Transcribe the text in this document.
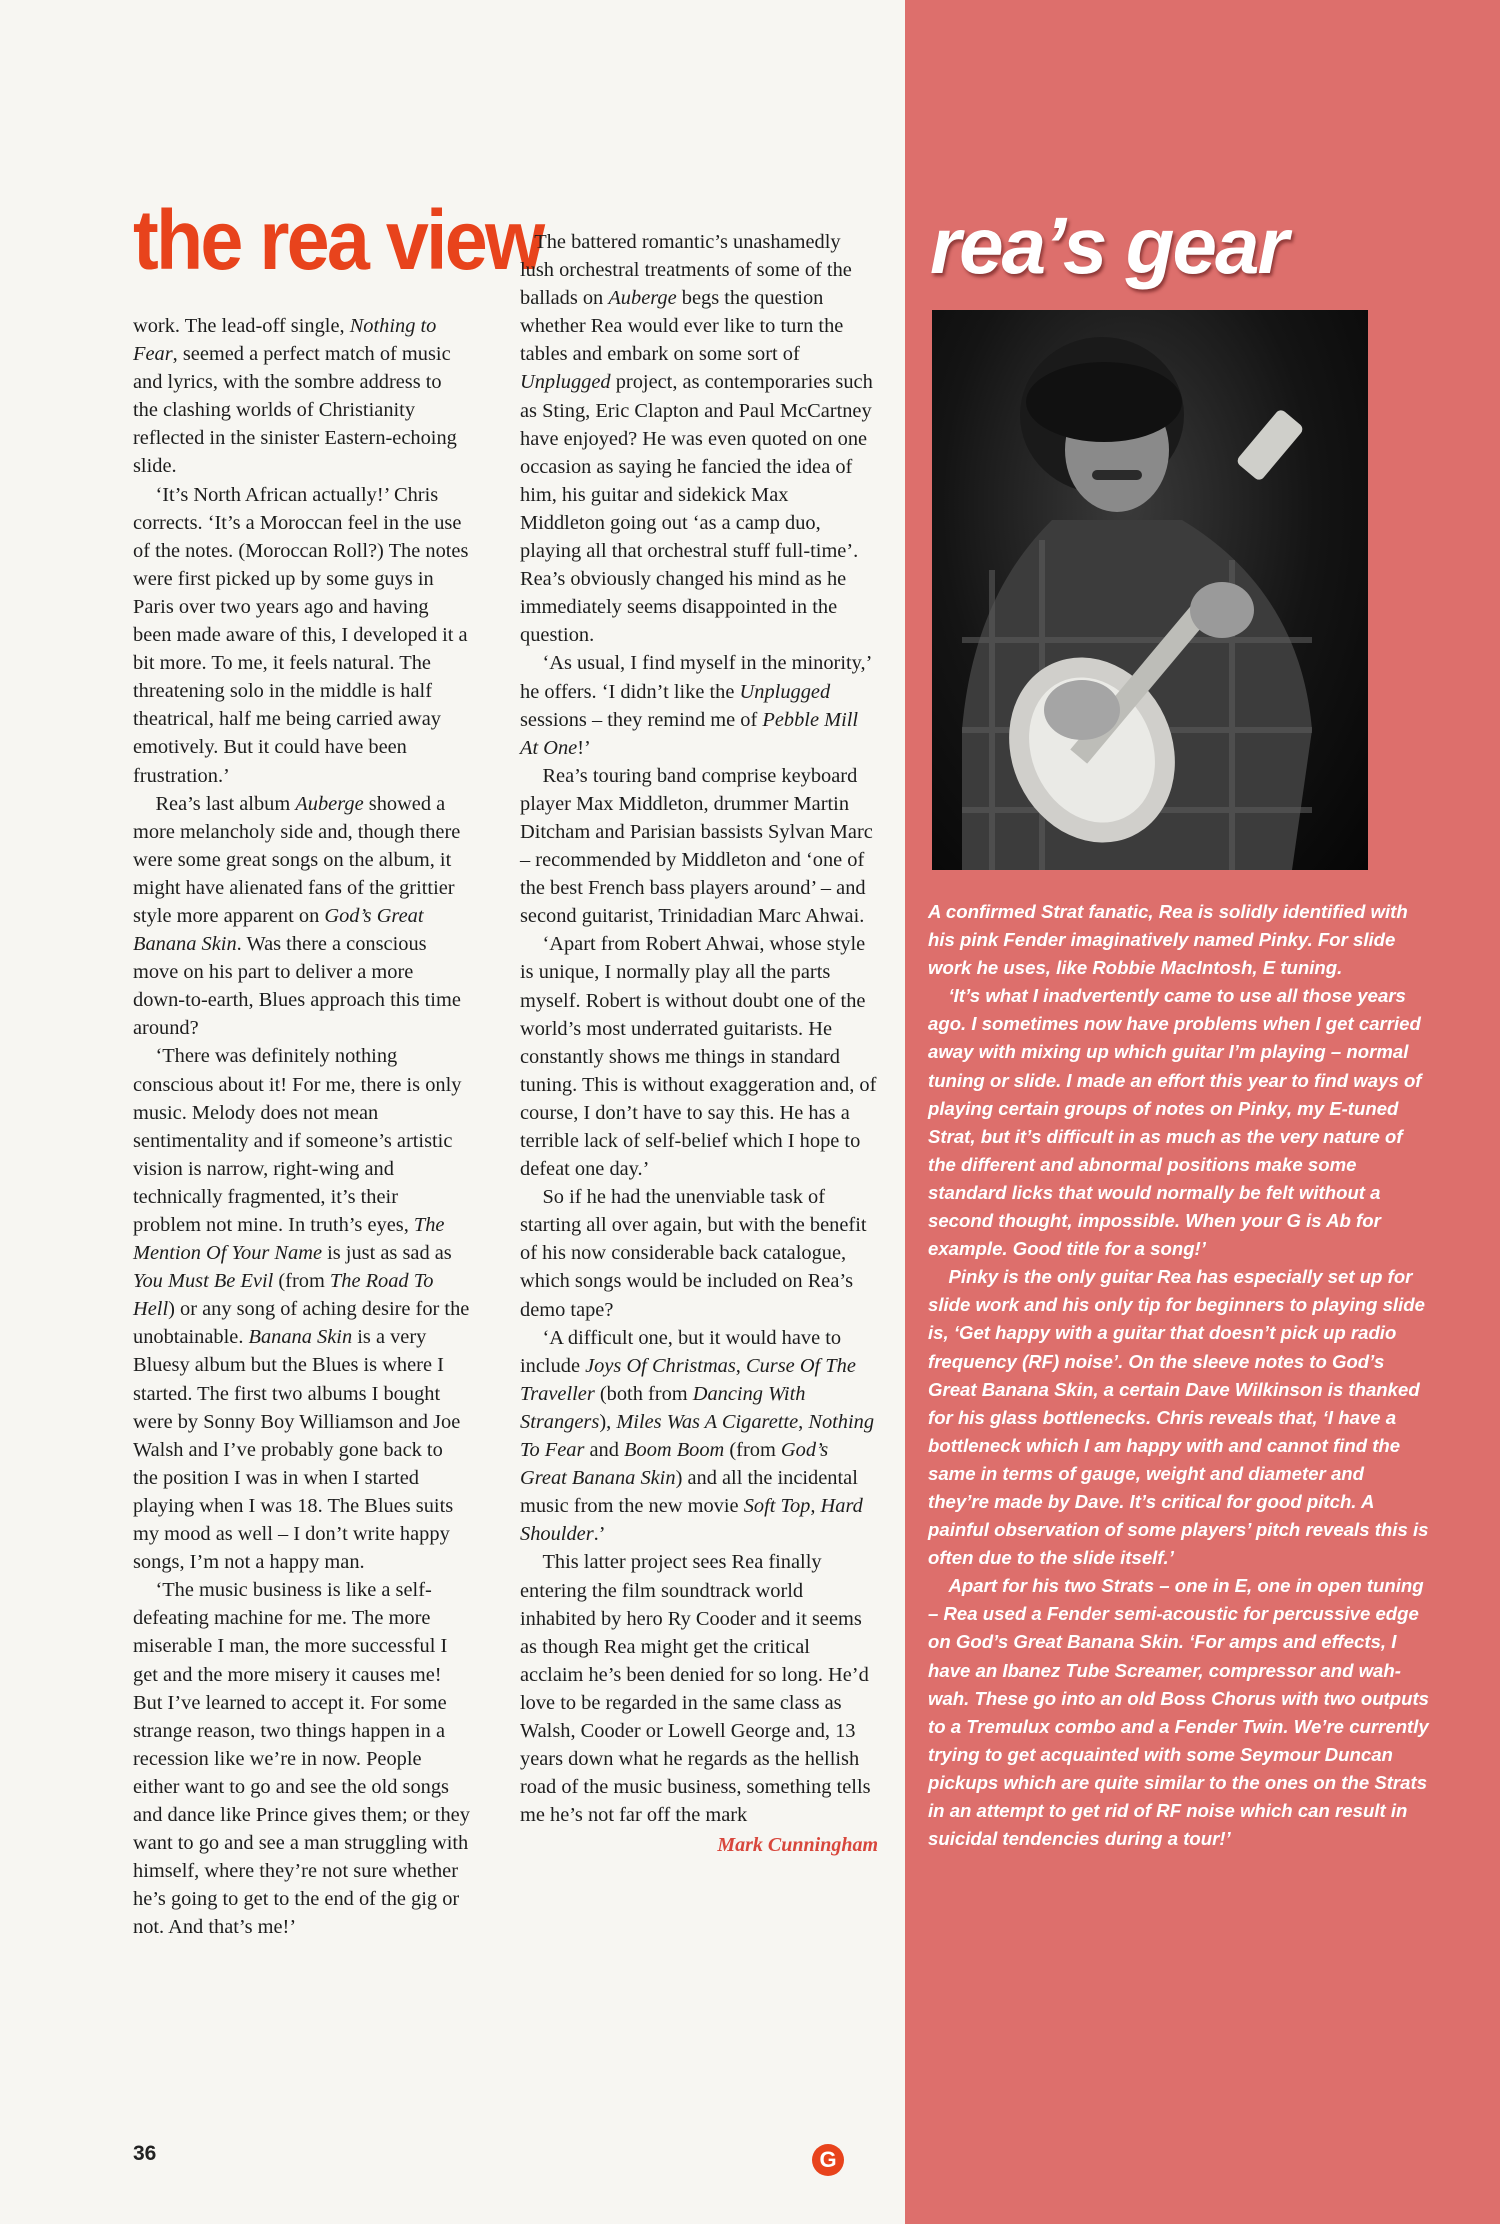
the rea view

work. The lead-off single, Nothing to Fear, seemed a perfect match of music and lyrics, with the sombre address to the clashing worlds of Christianity reflected in the sinister Eastern-echoing slide.

‘It’s North African actually!’ Chris corrects. ‘It’s a Moroccan feel in the use of the notes. (Moroccan Roll?) The notes were first picked up by some guys in Paris over two years ago and having been made aware of this, I developed it a bit more. To me, it feels natural. The threatening solo in the middle is half theatrical, half me being carried away emotively. But it could have been frustration.’

Rea’s last album Auberge showed a more melancholy side and, though there were some great songs on the album, it might have alienated fans of the grittier style more apparent on God’s Great Banana Skin. Was there a conscious move on his part to deliver a more down-to-earth, Blues approach this time around?

‘There was definitely nothing conscious about it! For me, there is only music. Melody does not mean sentimentality and if someone’s artistic vision is narrow, right-wing and technically fragmented, it’s their problem not mine. In truth’s eyes, The Mention Of Your Name is just as sad as You Must Be Evil (from The Road To Hell) or any song of aching desire for the unobtainable. Banana Skin is a very Bluesy album but the Blues is where I started. The first two albums I bought were by Sonny Boy Williamson and Joe Walsh and I’ve probably gone back to the position I was in when I started playing when I was 18. The Blues suits my mood as well – I don’t write happy songs, I’m not a happy man.

‘The music business is like a self-defeating machine for me. The more miserable I man, the more successful I get and the more misery it causes me! But I’ve learned to accept it. For some strange reason, two things happen in a recession like we’re in now. People either want to go and see the old songs and dance like Prince gives them; or they want to go and see a man struggling with himself, where they’re not sure whether he’s going to get to the end of the gig or not. And that’s me!’

The battered romantic’s unashamedly lush orchestral treatments of some of the ballads on Auberge begs the question whether Rea would ever like to turn the tables and embark on some sort of Unplugged project, as contemporaries such as Sting, Eric Clapton and Paul McCartney have enjoyed? He was even quoted on one occasion as saying he fancied the idea of him, his guitar and sidekick Max Middleton going out ‘as a camp duo, playing all that orchestral stuff full-time’. Rea’s obviously changed his mind as he immediately seems disappointed in the question.

‘As usual, I find myself in the minority,’ he offers. ‘I didn’t like the Unplugged sessions – they remind me of Pebble Mill At One!’

Rea’s touring band comprise keyboard player Max Middleton, drummer Martin Ditcham and Parisian bassists Sylvan Marc – recommended by Middleton and ‘one of the best French bass players around’ – and second guitarist, Trinidadian Marc Ahwai.

‘Apart from Robert Ahwai, whose style is unique, I normally play all the parts myself. Robert is without doubt one of the world’s most underrated guitarists. He constantly shows me things in standard tuning. This is without exaggeration and, of course, I don’t have to say this. He has a terrible lack of self-belief which I hope to defeat one day.’

So if he had the unenviable task of starting all over again, but with the benefit of his now considerable back catalogue, which songs would be included on Rea’s demo tape?

‘A difficult one, but it would have to include Joys Of Christmas, Curse Of The Traveller (both from Dancing With Strangers), Miles Was A Cigarette, Nothing To Fear and Boom Boom (from God’s Great Banana Skin) and all the incidental music from the new movie Soft Top, Hard Shoulder.’

This latter project sees Rea finally entering the film soundtrack world inhabited by hero Ry Cooder and it seems as though Rea might get the critical acclaim he’s been denied for so long. He’d love to be regarded in the same class as Walsh, Cooder or Lowell George and, 13 years down what he regards as the hellish road of the music business, something tells me he’s not far off the mark

Mark Cunningham
rea’s gear

A confirmed Strat fanatic, Rea is solidly identified with his pink Fender imaginatively named Pinky. For slide work he uses, like Robbie MacIntosh, E tuning.

‘It’s what I inadvertently came to use all those years ago. I sometimes now have problems when I get carried away with mixing up which guitar I’m playing – normal tuning or slide. I made an effort this year to find ways of playing certain groups of notes on Pinky, my E-tuned Strat, but it’s difficult in as much as the very nature of the different and abnormal positions make some standard licks that would normally be felt without a second thought, impossible. When your G is Ab for example. Good title for a song!’

Pinky is the only guitar Rea has especially set up for slide work and his only tip for beginners to playing slide is, ‘Get happy with a guitar that doesn’t pick up radio frequency (RF) noise’. On the sleeve notes to God’s Great Banana Skin, a certain Dave Wilkinson is thanked for his glass bottlenecks. Chris reveals that, ‘I have a bottleneck which I am happy with and cannot find the same in terms of gauge, weight and diameter and they’re made by Dave. It’s critical for good pitch. A painful observation of some players’ pitch reveals this is often due to the slide itself.’

Apart for his two Strats – one in E, one in open tuning – Rea used a Fender semi-acoustic for percussive edge on God’s Great Banana Skin. ‘For amps and effects, I have an Ibanez Tube Screamer, compressor and wah-wah. These go into an old Boss Chorus with two outputs to a Tremulux combo and a Fender Twin. We’re currently trying to get acquainted with some Seymour Duncan pickups which are quite similar to the ones on the Strats in an attempt to get rid of RF noise which can result in suicidal tendencies during a tour!’

36	G
